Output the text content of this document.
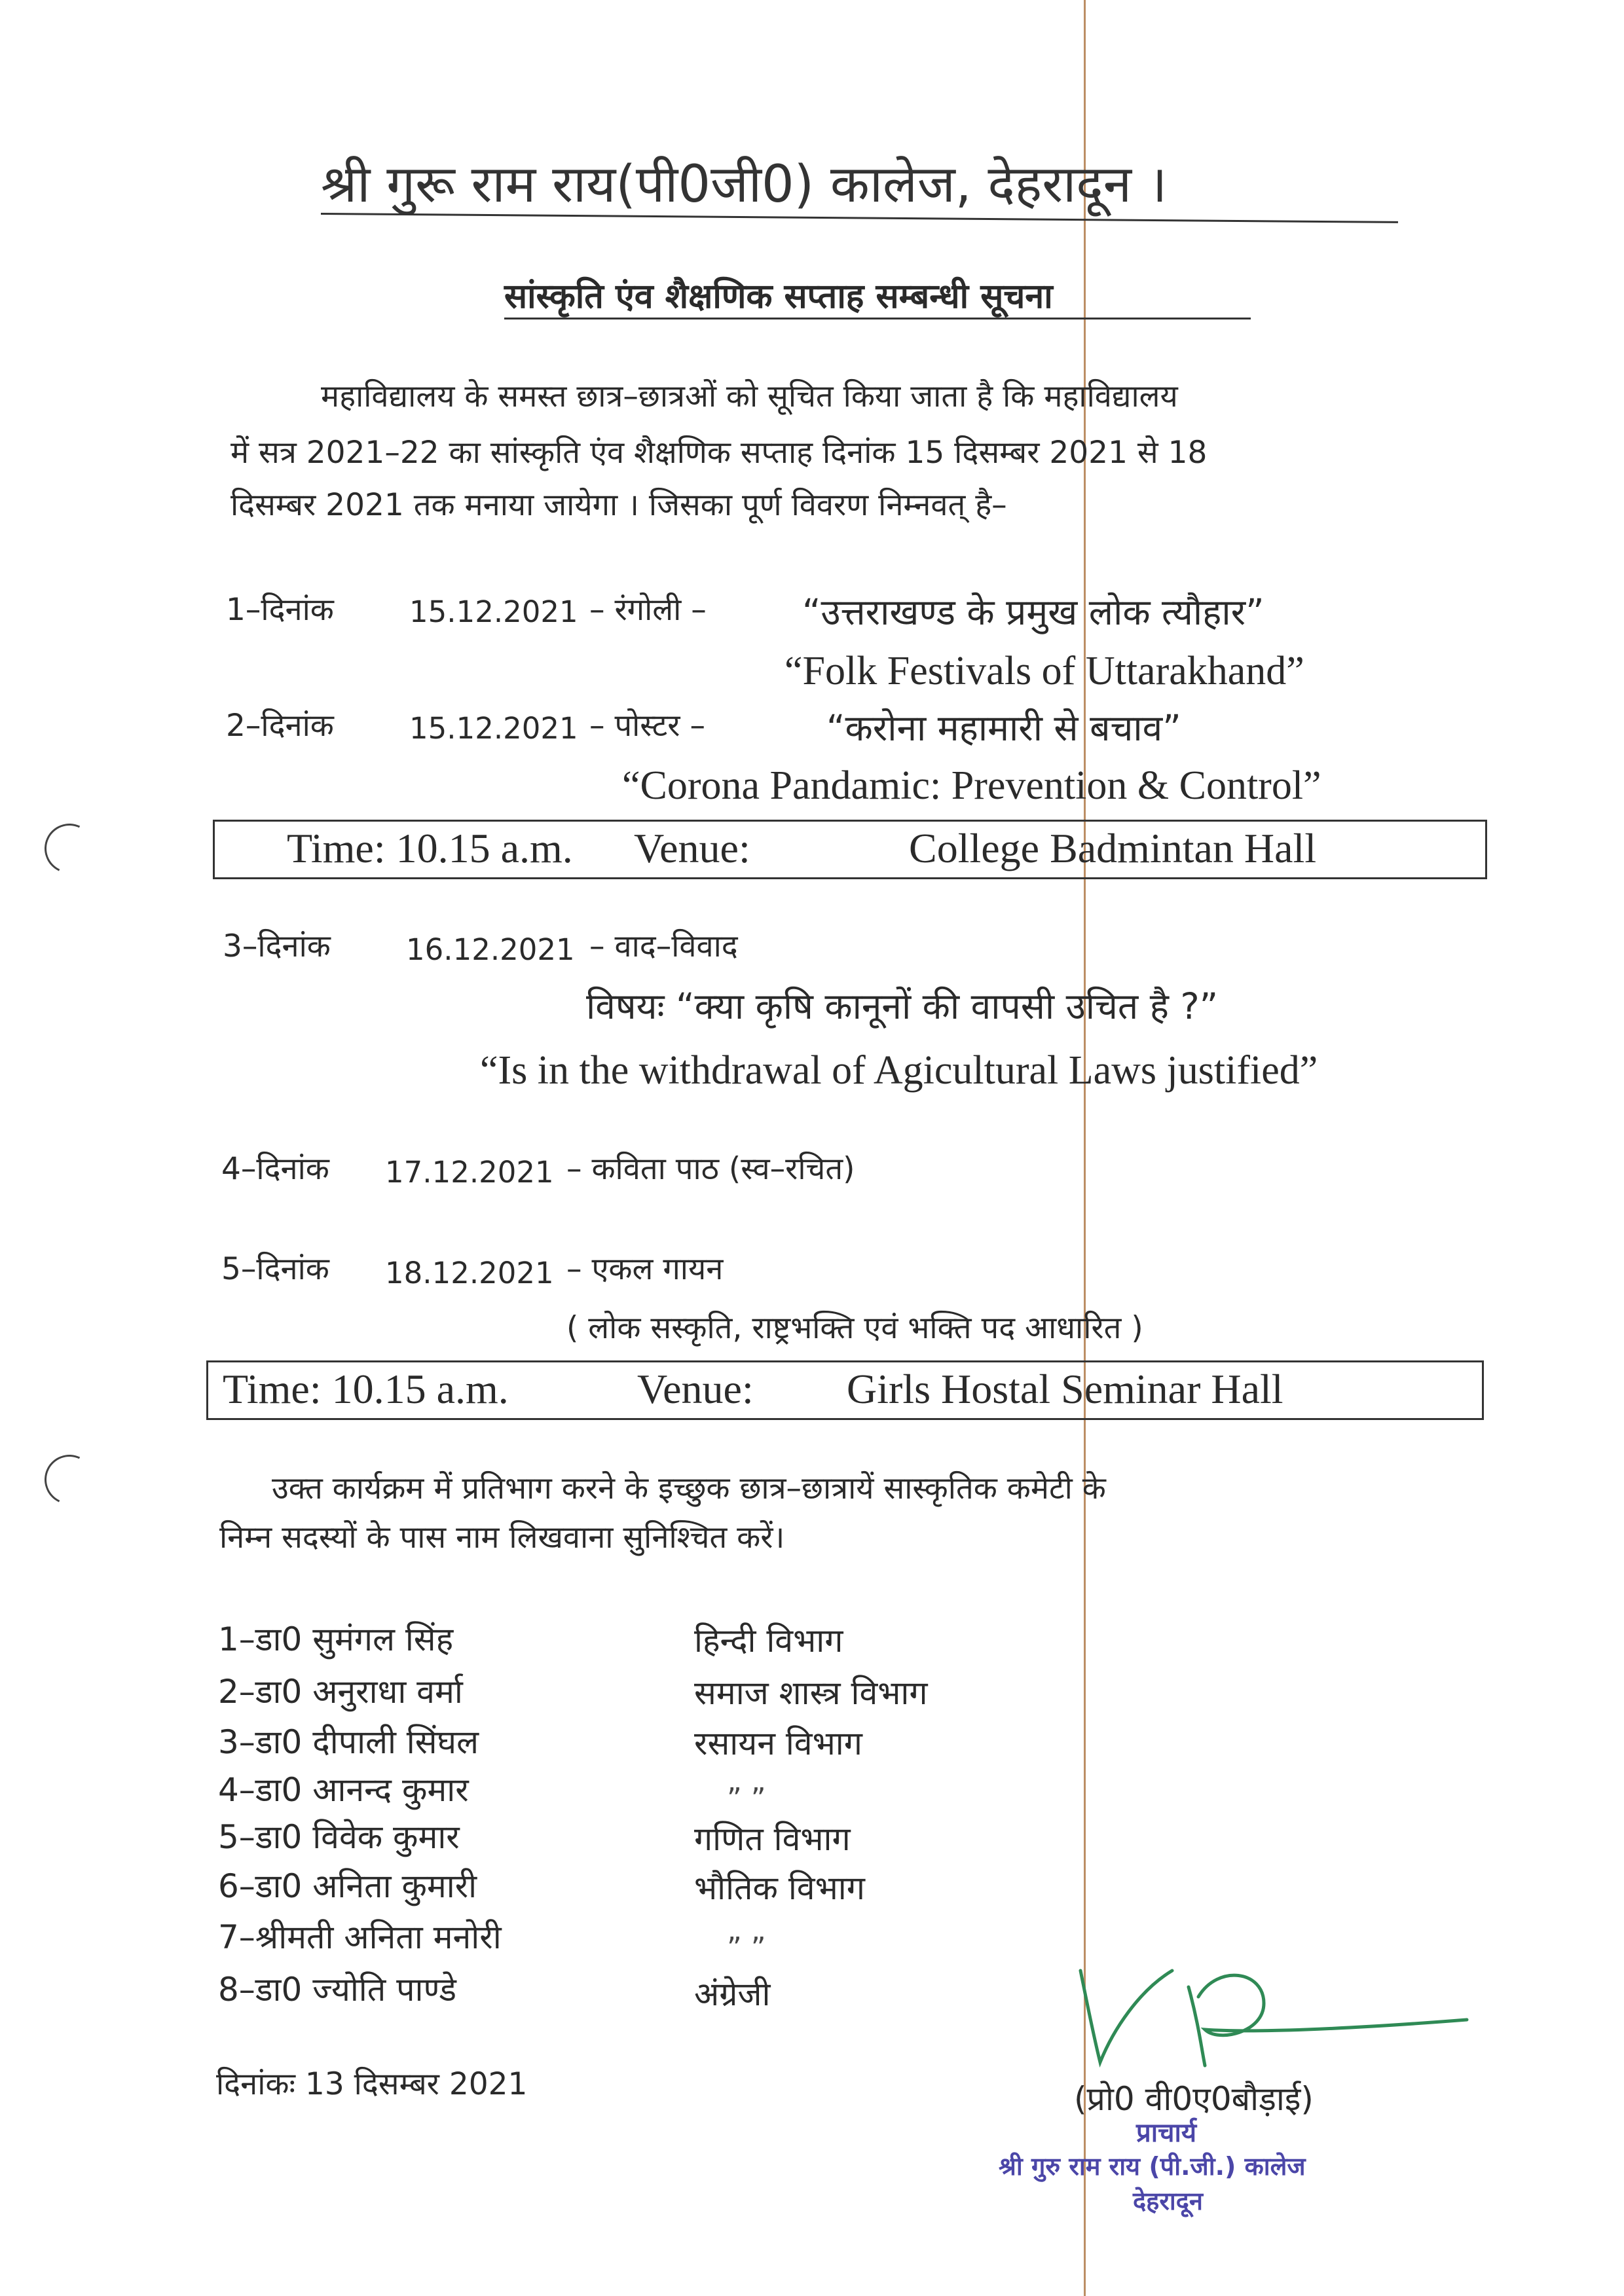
श्री गुरू राम राय(पी0जी0) कालेज, देहरादून ।
सांस्कृति एंव शैक्षणिक सप्ताह सम्बन्धी सूचना
महाविद्यालय के समस्त छात्र–छात्रओं को सूचित किया जाता है कि महाविद्यालय
में सत्र 2021–22 का सांस्कृति एंव शैक्षणिक सप्ताह दिनांक 15 दिसम्बर 2021 से 18
दिसम्बर 2021 तक मनाया जायेगा । जिसका पूर्ण विवरण निम्नवत् है–
1–दिनांक	15.12.2021 – रंगोली –	“उत्तराखण्ड के प्रमुख लोक त्यौहार”
“Folk Festivals of Uttarakhand”
2–दिनांक	15.12.2021 – पोस्टर –	“करोना महामारी से बचाव”
“Corona Pandamic: Prevention & Control”
Time: 10.15 a.m. Venue:	College Badmintan Hall
3–दिनांक	16.12.2021 – वाद–विवाद
विषयः “क्या कृषि कानूनों की वापसी उचित है ?”
“Is in the withdrawal of Agicultural Laws justified”
4–दिनांक 17.12.2021 – कविता पाठ (स्व–रचित)
5–दिनांक 18.12.2021 – एकल गायन
( लोक सस्कृति, राष्ट्रभक्ति एवं भक्ति पद आधारित )
Time: 10.15 a.m.	Venue: Girls Hostal Seminar Hall
उक्त कार्यक्रम में प्रतिभाग करने के इच्छुक छात्र–छात्रायें सास्कृतिक कमेटी के
निम्न सदस्यों के पास नाम लिखवाना सुनिश्चित करें।
1–डा0 सुमंगल सिंह	हिन्दी विभाग
2–डा0 अनुराधा वर्मा	समाज शास्त्र विभाग
3–डा0 दीपाली सिंघल	रसायन विभाग
4–डा0 आनन्द कुमार	” ”
5–डा0 विवेक कुमार	गणित विभाग
6–डा0 अनिता कुमारी	भौतिक विभाग
7–श्रीमती अनिता मनोरी	” ”
8–डा0 ज्योति पाण्डे	अंग्रेजी
दिनांकः 13 दिसम्बर 2021	(प्रो0 वी0ए0बौड़ाई)
प्राचार्य
श्री गुरु राम राय (पी.जी.) कालेज
देहरादून
